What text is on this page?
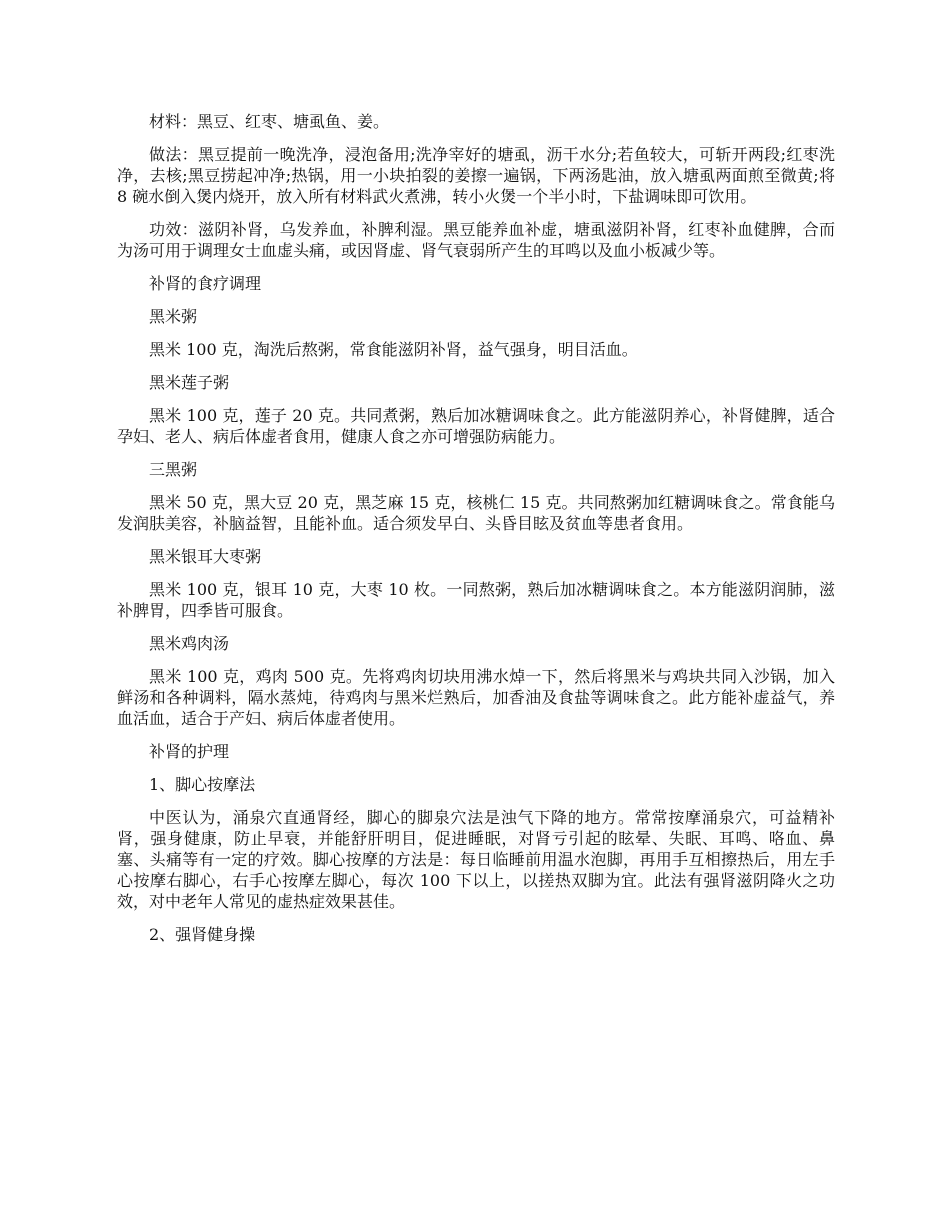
材料：黑豆、红枣、塘虱鱼、姜。

做法：黑豆提前一晚洗净，浸泡备用;洗净宰好的塘虱，沥干水分;若鱼较大，可斩开两段;红枣洗净，去核;黑豆捞起冲净;热锅，用一小块拍裂的姜擦一遍锅，下两汤匙油，放入塘虱两面煎至微黄;将 8 碗水倒入煲内烧开，放入所有材料武火煮沸，转小火煲一个半小时，下盐调味即可饮用。

功效：滋阴补肾，乌发养血，补脾利湿。黑豆能养血补虚，塘虱滋阴补肾，红枣补血健脾，合而为汤可用于调理女士血虚头痛，或因肾虚、肾气衰弱所产生的耳鸣以及血小板减少等。

补肾的食疗调理

黑米粥

黑米 100 克，淘洗后熬粥，常食能滋阴补肾，益气强身，明目活血。

黑米莲子粥

黑米 100 克，莲子 20 克。共同煮粥，熟后加冰糖调味食之。此方能滋阴养心，补肾健脾，适合孕妇、老人、病后体虚者食用，健康人食之亦可增强防病能力。

三黑粥

黑米 50 克，黑大豆 20 克，黑芝麻 15 克，核桃仁 15 克。共同熬粥加红糖调味食之。常食能乌发润肤美容，补脑益智，且能补血。适合须发早白、头昏目眩及贫血等患者食用。

黑米银耳大枣粥

黑米 100 克，银耳 10 克，大枣 10 枚。一同熬粥，熟后加冰糖调味食之。本方能滋阴润肺，滋补脾胃，四季皆可服食。

黑米鸡肉汤

黑米 100 克，鸡肉 500 克。先将鸡肉切块用沸水焯一下，然后将黑米与鸡块共同入沙锅，加入鲜汤和各种调料，隔水蒸炖，待鸡肉与黑米烂熟后，加香油及食盐等调味食之。此方能补虚益气，养血活血，适合于产妇、病后体虚者使用。

补肾的护理

1、脚心按摩法

中医认为，涌泉穴直通肾经，脚心的脚泉穴法是浊气下降的地方。常常按摩涌泉穴，可益精补肾，强身健康，防止早衰，并能舒肝明目，促进睡眠，对肾亏引起的眩晕、失眠、耳鸣、咯血、鼻塞、头痛等有一定的疗效。脚心按摩的方法是：每日临睡前用温水泡脚，再用手互相擦热后，用左手心按摩右脚心，右手心按摩左脚心，每次 100 下以上，以搓热双脚为宜。此法有强肾滋阴降火之功效，对中老年人常见的虚热症效果甚佳。

2、强肾健身操
